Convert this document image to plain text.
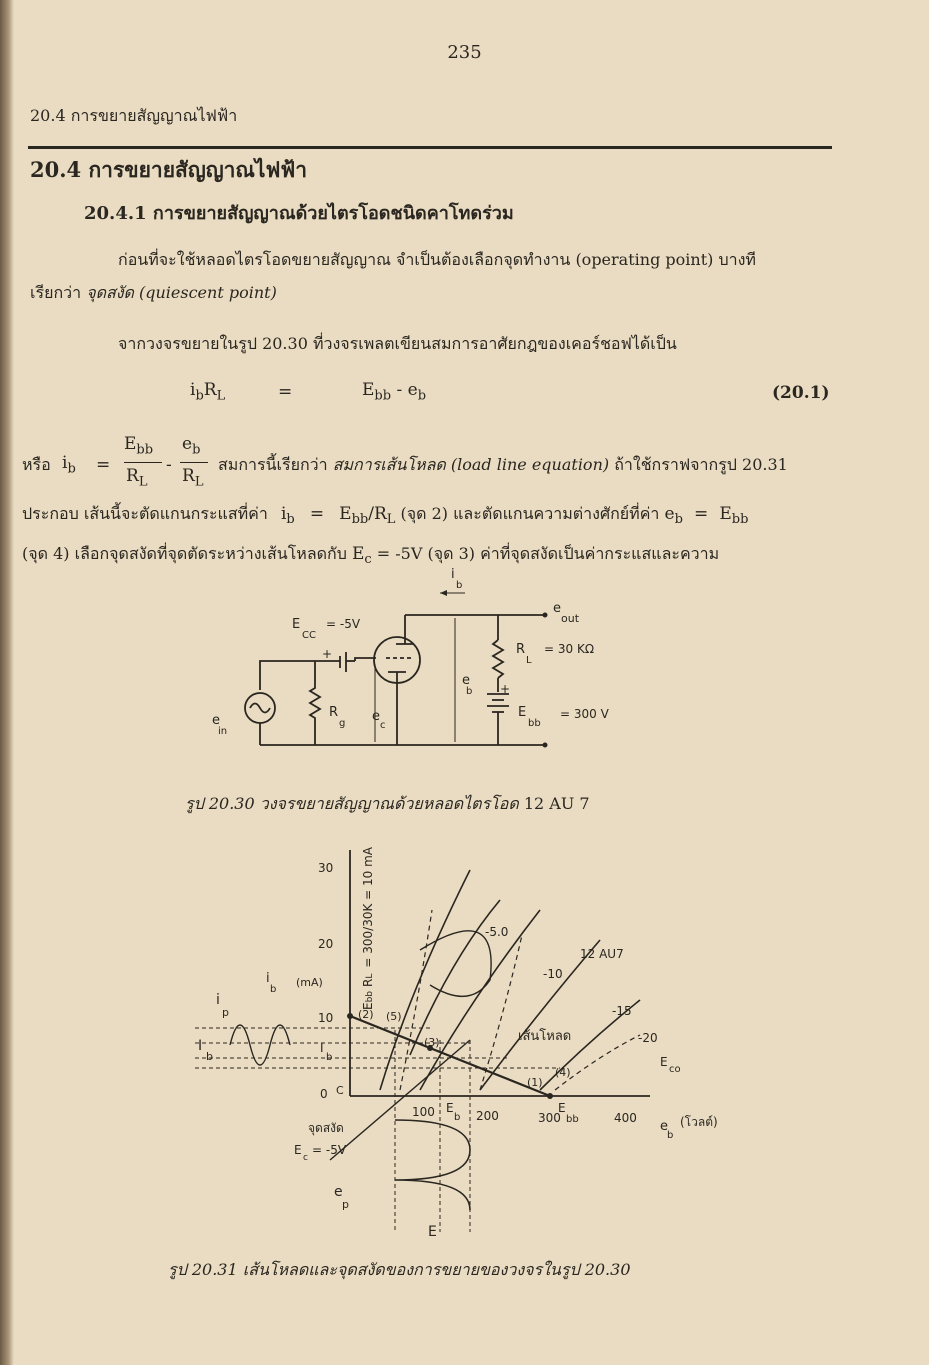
235
20.4 การขยายสัญญาณไฟฟ้า
20.4 การขยายสัญญาณไฟฟ้า
20.4.1 การขยายสัญญาณด้วยไตรโอดชนิดคาโทดร่วม
ก่อนที่จะใช้หลอดไตรโอดขยายสัญญาณ จำเป็นต้องเลือกจุดทำงาน (operating point) บางที
เรียกว่า จุดสงัด (quiescent point)
จากวงจรขยายในรูป 20.30 ที่วงจรเพลตเขียนสมการอาศัยกฎของเคอร์ชอฟได้เป็น
$i_bR_L$	=	$E_{bb} - e_b$	(20.1)
หรือ $i_b$ =
$E_{bb}$
$R_L$
-
$e_b$
$R_L$
สมการนี้เรียกว่า สมการเส้นโหลด (load line equation) ถ้าใช้กราฟจากรูป 20.31
ประกอบ เส้นนี้จะตัดแกนกระแสที่ค่า $i_b = E_{bb}/R_L$ (จุด 2) และตัดแกนความต่างศักย์ที่ค่า $e_b = E_{bb}$
(จุด 4) เลือกจุดสงัดที่จุดตัดระหว่างเส้นโหลดกับ $E_c = -5V$ (จุด 3) ค่าที่จุดสงัดเป็นค่ากระแสและความ
i
b
E
CC
= -5V
+
e
out
R
L
= 30 KΩ
e
b +
E
bb
= 300 V
R
g e
c
e
in
รูป 20.30 วงจรขยายสัญญาณด้วยหลอดไตรโอด 12 AU 7
30
20
10
0 C
i
b
(mA)
100	200	300	400
E
b
E
bb	e
b
(โวลต์)
EbbRL= 300/30K = 10 mA	-5.0
-10
-15
-20
E
co
12 AU7
เส้นโหลด
(1)
(2)
(3)
(4)
(5)
i
p
I
b
I
b
จุดสงัด
E
c
= -5V
e
p
E
รูป 20.31 เส้นโหลดและจุดสงัดของการขยายของวงจรในรูป 20.30
